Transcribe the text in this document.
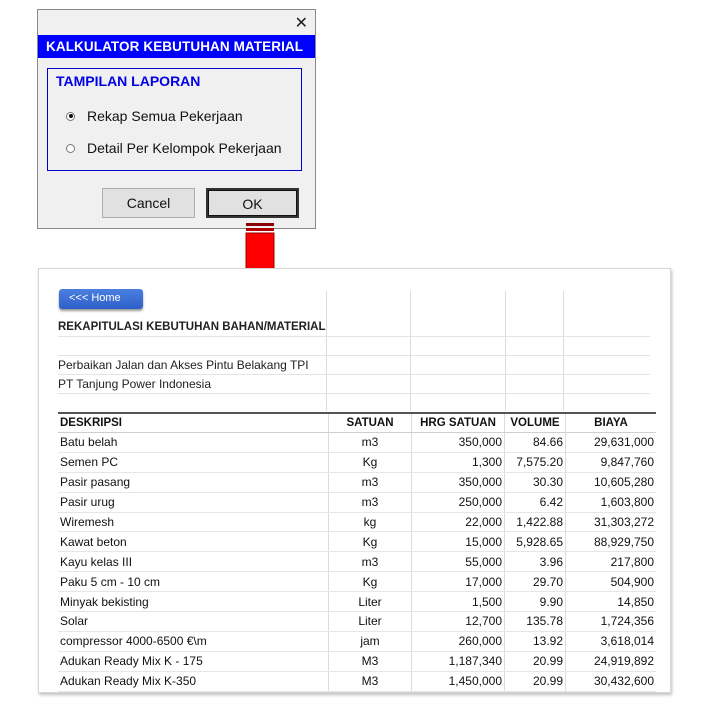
✕
KALKULATOR KEBUTUHAN MATERIAL
TAMPILAN LAPORAN
Rekap Semua Pekerjaan
Detail Per Kelompok Pekerjaan
Cancel	OK
<<< Home
REKAPITULASI KEBUTUHAN BAHAN/MATERIAL
Perbaikan Jalan dan Akses Pintu Belakang TPI
PT Tanjung Power Indonesia
DESKRIPSI	SATUAN	HRG SATUAN	VOLUME	BIAYA
Batu belah	m3	350,000	84.66	29,631,000
Semen PC	Kg	1,300	7,575.20	9,847,760
Pasir pasang	m3	350,000	30.30	10,605,280
Pasir urug	m3	250,000	6.42	1,603,800
Wiremesh	kg	22,000	1,422.88	31,303,272
Kawat beton	Kg	15,000	5,928.65	88,929,750
Kayu kelas III	m3	55,000	3.96	217,800
Paku 5 cm - 10 cm	Kg	17,000	29.70	504,900
Minyak bekisting	Liter	1,500	9.90	14,850
Solar	Liter	12,700	135.78	1,724,356
compressor 4000-6500 €\m	jam	260,000	13.92	3,618,014
Adukan Ready Mix K - 175	M3	1,187,340	20.99	24,919,892
Adukan Ready Mix K-350	M3	1,450,000	20.99	30,432,600
